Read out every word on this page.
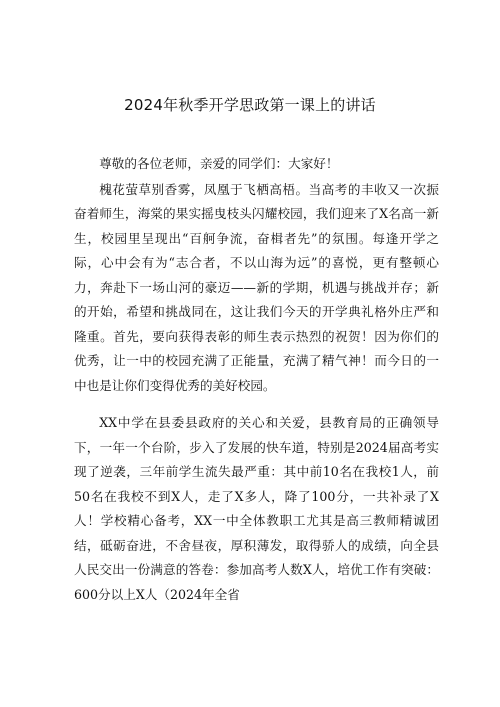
2024年秋季开学思政第一课上的讲话

尊敬的各位老师，亲爱的同学们：大家好！

槐花萤草别香雾，凤凰于飞栖高梧。当高考的丰收又一次振奋着师生，海棠的果实摇曳枝头闪耀校园，我们迎来了X名高一新生，校园里呈现出“百舸争流，奋楫者先”的氛围。每逢开学之际，心中会有为“志合者，不以山海为远”的喜悦，更有整顿心力，奔赴下一场山河的豪迈——新的学期，机遇与挑战并存；新的开始，希望和挑战同在，这让我们今天的开学典礼格外庄严和隆重。首先，要向获得表彰的师生表示热烈的祝贺！因为你们的优秀，让一中的校园充满了正能量，充满了精气神！而今日的一中也是让你们变得优秀的美好校园。

XX中学在县委县政府的关心和关爱，县教育局的正确领导下，一年一个台阶，步入了发展的快车道，特别是2024届高考实现了逆袭，三年前学生流失最严重：其中前10名在我校1人，前50名在我校不到X人，走了X多人，降了100分，一共补录了X人！学校精心备考，XX一中全体教职工尤其是高三教师精诚团结，砥砺奋进，不舍昼夜，厚积薄发，取得骄人的成绩，向全县人民交出一份满意的答卷：参加高考人数X人，培优工作有突破：600分以上X人（2024年全省
